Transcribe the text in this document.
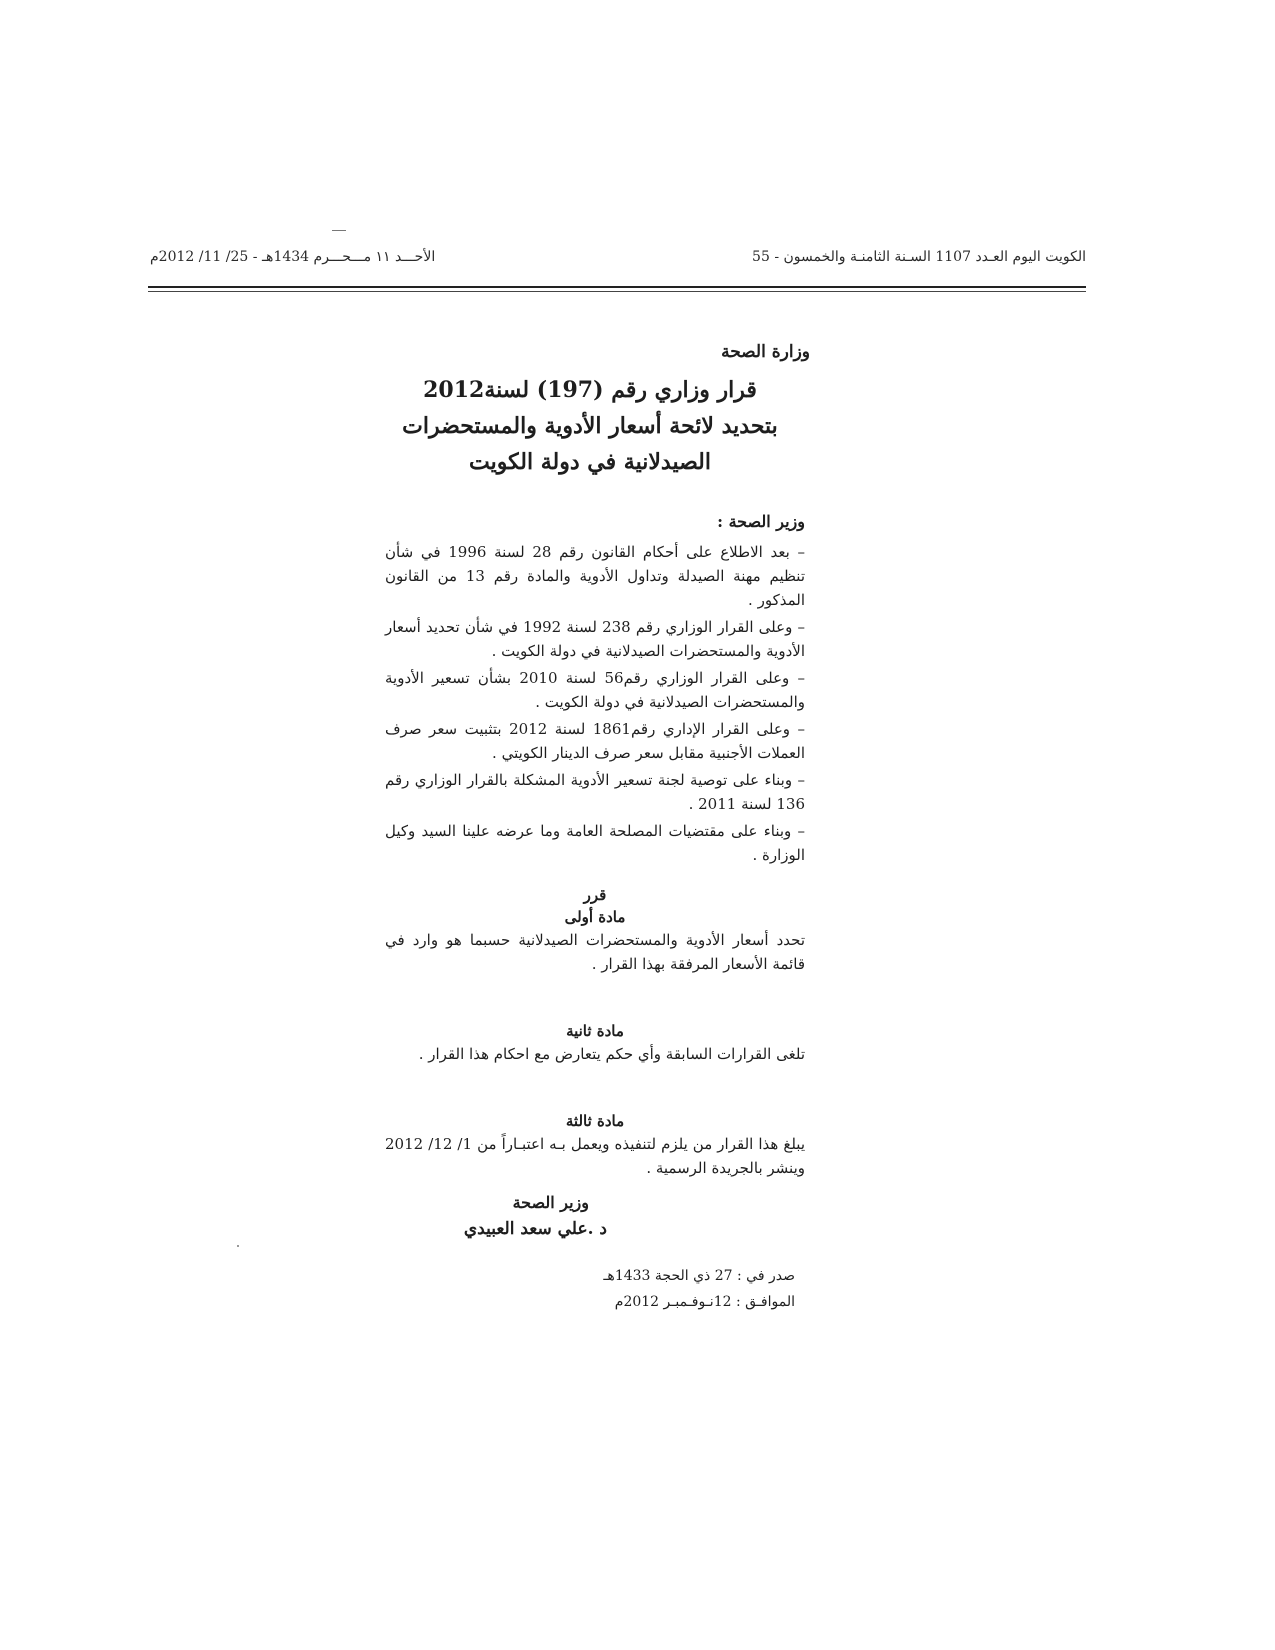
الكويت اليوم العـدد 1107 السـنة الثامنـة والخمسون - 55
الأحـــد ١١ مـــحـــرم 1434هـ - 25/ 11/ 2012م
وزارة الصحة
قرار وزاري رقم (197) لسنة2012
بتحديد لائحة أسعار الأدوية والمستحضرات
الصيدلانية في دولة الكويت
وزير الصحة :

– بعد الاطلاع على أحكام القانون رقم 28 لسنة 1996 في شأن تنظيم مهنة الصيدلة وتداول الأدوية والمادة رقم 13 من القانون المذكور .

– وعلى القرار الوزاري رقم 238 لسنة 1992 في شأن تحديد أسعار الأدوية والمستحضرات الصيدلانية في دولة الكويت .

– وعلى القرار الوزاري رقم56 لسنة 2010 بشأن تسعير الأدوية والمستحضرات الصيدلانية في دولة الكويت .

– وعلى القرار الإداري رقم1861 لسنة 2012 بتثبيت سعر صرف العملات الأجنبية مقابل سعر صرف الدينار الكويتي .

– وبناء على توصية لجنة تسعير الأدوية المشكلة بالقرار الوزاري رقم 136 لسنة 2011 .

– وبناء على مقتضيات المصلحة العامة وما عرضه علينا السيد وكيل الوزارة .

قرر
مادة أولى

تحدد أسعار الأدوية والمستحضرات الصيدلانية حسبما هو وارد في قائمة الأسعار المرفقة بهذا القرار .

مادة ثانية

تلغى القرارات السابقة وأي حكم يتعارض مع احكام هذا القرار .

مادة ثالثة

يبلغ هذا القرار من يلزم لتنفيذه ويعمل بـه اعتبـاراً من 1/ 12/ 2012 وينشر بالجريدة الرسمية .

وزير الصحة
د .علي سعد العبيدي
صدر في : 27 ذي الحجة 1433هـ
الموافـق : 12نـوفـمبـر 2012م
